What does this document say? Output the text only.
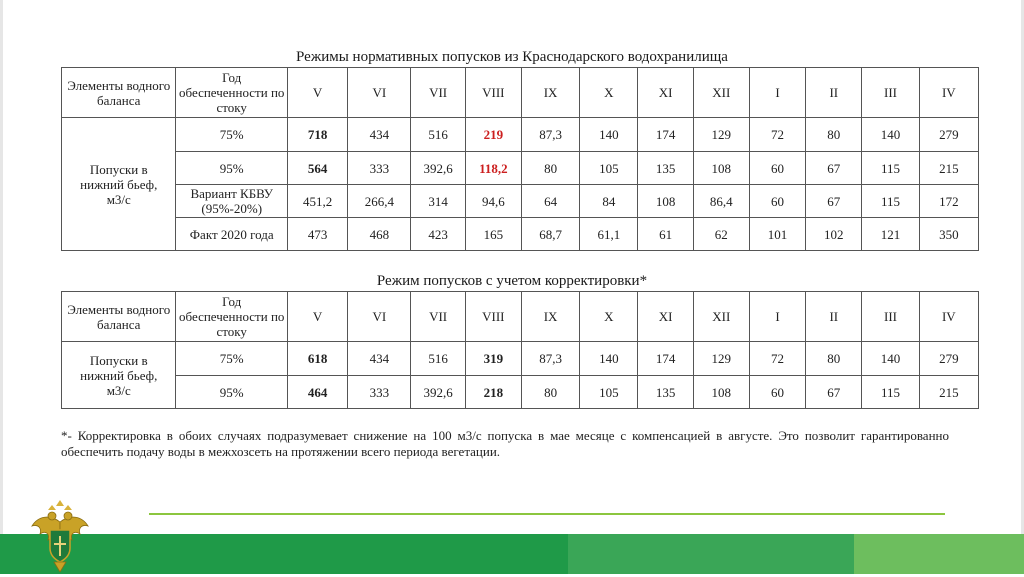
Режимы нормативных попусков из Краснодарского водохранилища
Элементы водного баланса	Год обеспеченности по стоку	V	VI	VII	VIII	IX	X	XI	XII	I	II	III	IV
Попуски в нижний бьеф, м3/с	75%	718	434	516	219	87,3	140	174	129	72	80	140	279
	95%	564	333	392,6	118,2	80	105	135	108	60	67	115	215
	Вариант КБВУ (95%-20%)	451,2	266,4	314	94,6	64	84	108	86,4	60	67	115	172
	Факт 2020 года	473	468	423	165	68,7	61,1	61	62	101	102	121	350
Режим попусков с учетом корректировки*
Элементы водного баланса	Год обеспеченности по стоку	V	VI	VII	VIII	IX	X	XI	XII	I	II	III	IV
Попуски в нижний бьеф, м3/с	75%	618	434	516	319	87,3	140	174	129	72	80	140	279
	95%	464	333	392,6	218	80	105	135	108	60	67	115	215
*- Корректировка в обоих случаях подразумевает снижение на 100 м3/с попуска в мае месяце с компенсацией в августе. Это позволит гарантированно обеспечить подачу воды в межхозсеть на протяжении всего периода вегетации.
